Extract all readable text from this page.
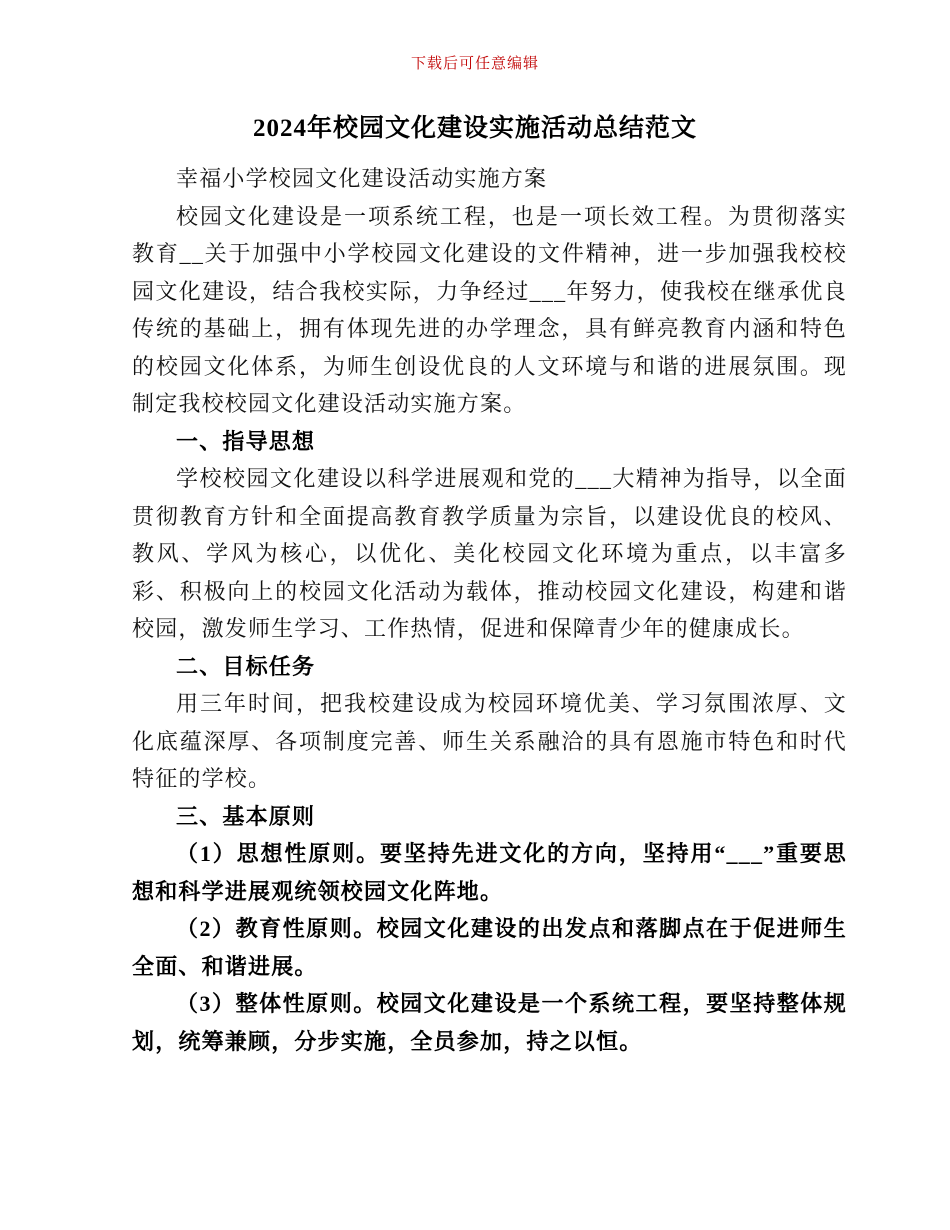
下载后可任意编辑
2024年校园文化建设实施活动总结范文

幸福小学校园文化建设活动实施方案

校园文化建设是一项系统工程，也是一项长效工程。为贯彻落实教育__关于加强中小学校园文化建设的文件精神，进一步加强我校校园文化建设，结合我校实际，力争经过___年努力，使我校在继承优良传统的基础上，拥有体现先进的办学理念，具有鲜亮教育内涵和特色的校园文化体系，为师生创设优良的人文环境与和谐的进展氛围。现制定我校校园文化建设活动实施方案。

一、指导思想

学校校园文化建设以科学进展观和党的___大精神为指导，以全面贯彻教育方针和全面提高教育教学质量为宗旨，以建设优良的校风、教风、学风为核心，以优化、美化校园文化环境为重点，以丰富多彩、积极向上的校园文化活动为载体，推动校园文化建设，构建和谐校园，激发师生学习、工作热情，促进和保障青少年的健康成长。

二、目标任务

用三年时间，把我校建设成为校园环境优美、学习氛围浓厚、文化底蕴深厚、各项制度完善、师生关系融洽的具有恩施市特色和时代特征的学校。

三、基本原则

（1）思想性原则。要坚持先进文化的方向，坚持用“___”重要思想和科学进展观统领校园文化阵地。

（2）教育性原则。校园文化建设的出发点和落脚点在于促进师生全面、和谐进展。

（3）整体性原则。校园文化建设是一个系统工程，要坚持整体规划，统筹兼顾，分步实施，全员参加，持之以恒。
